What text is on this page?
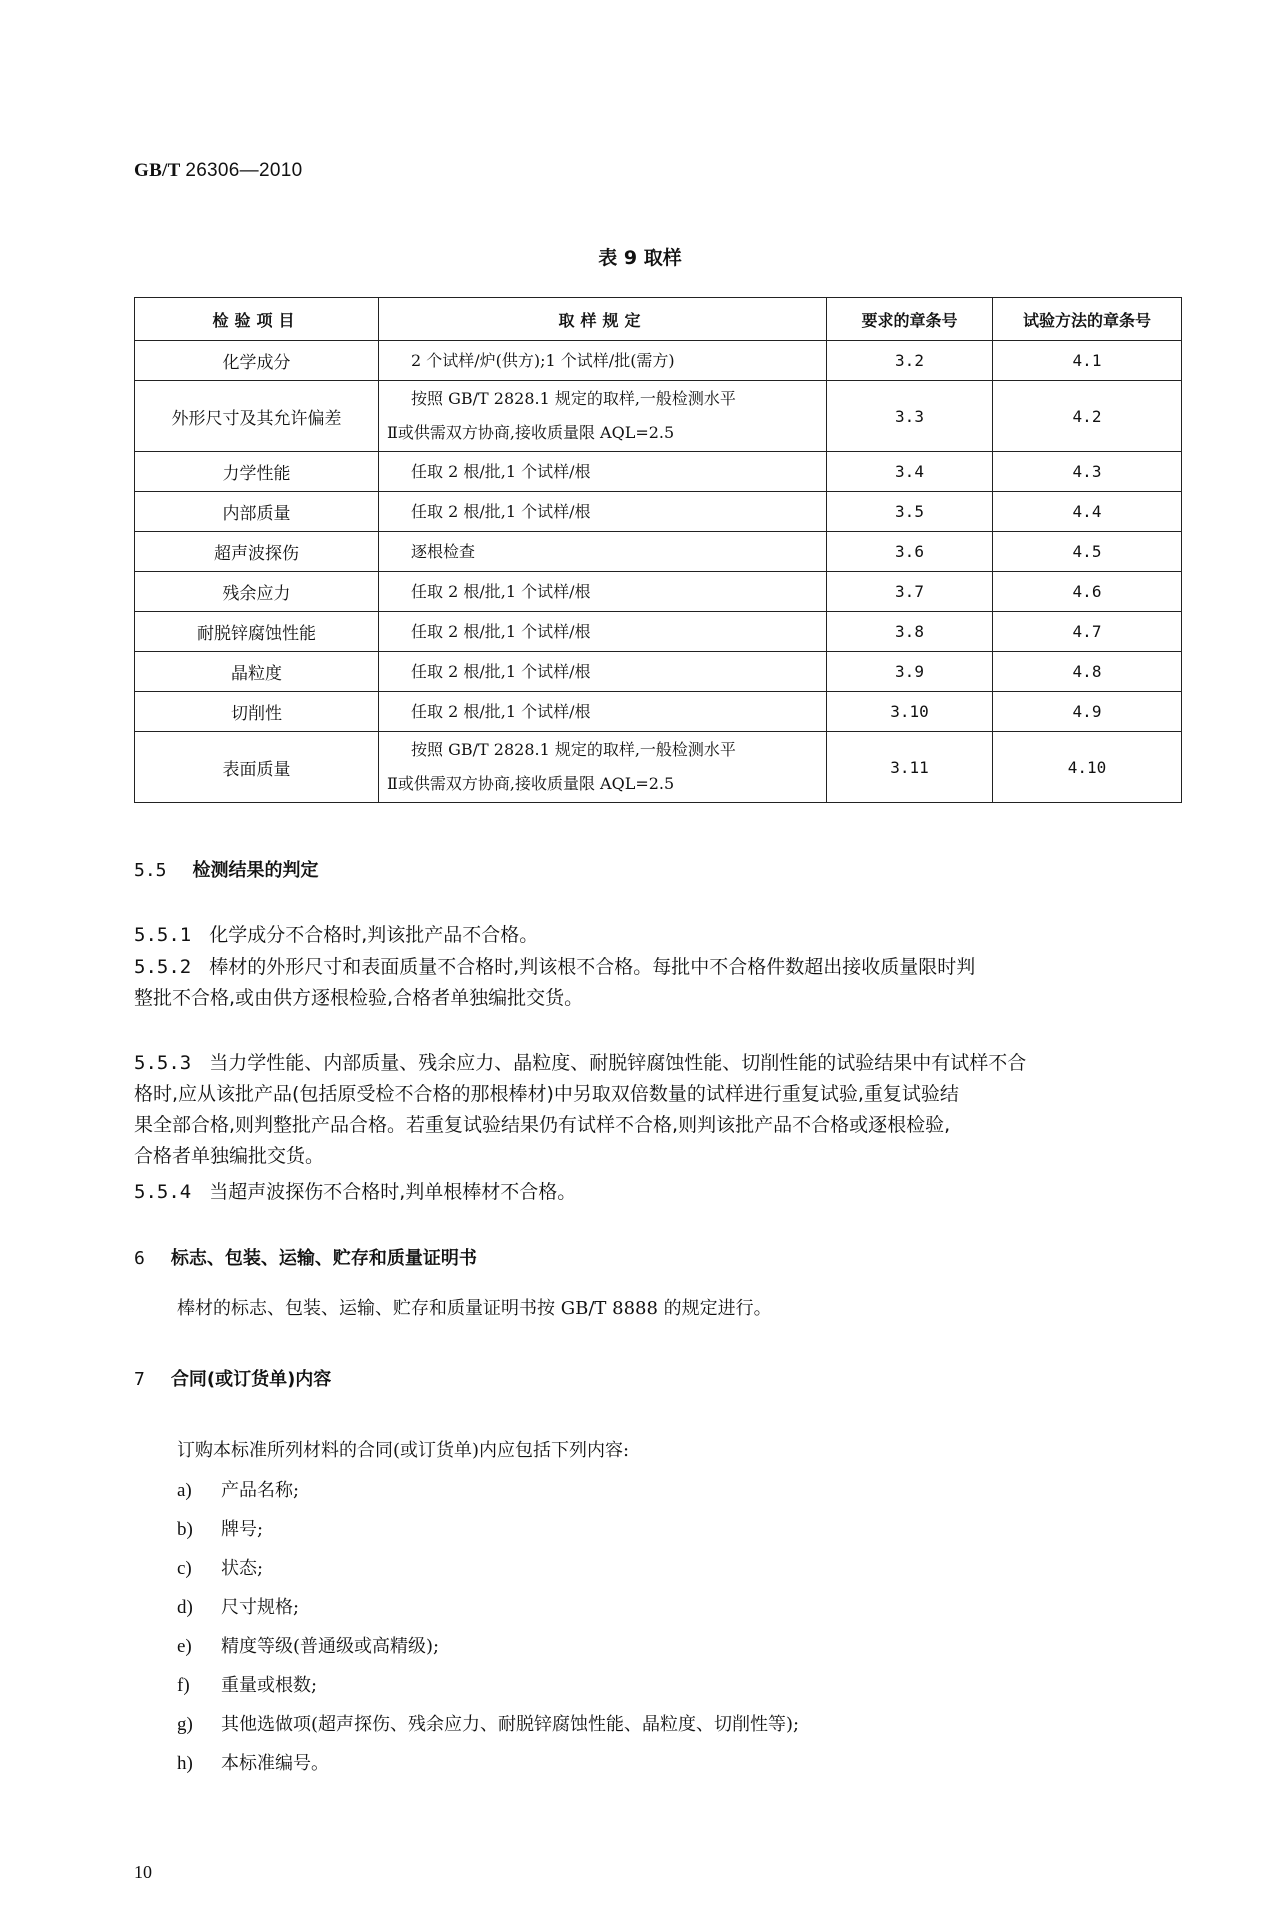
GB/T 26306—2010
表 9 取样
检验项目	取样规定	要求的章条号	试验方法的章条号
化学成分	2 个试样/炉(供方);1 个试样/批(需方)	3.2	4.1
外形尺寸及其允许偏差	按照 GB/T 2828.1 规定的取样,一般检测水平
Ⅱ或供需双方协商,接收质量限 AQL=2.5	3.3	4.2
力学性能	任取 2 根/批,1 个试样/根	3.4	4.3
内部质量	任取 2 根/批,1 个试样/根	3.5	4.4
超声波探伤	逐根检查	3.6	4.5
残余应力	任取 2 根/批,1 个试样/根	3.7	4.6
耐脱锌腐蚀性能	任取 2 根/批,1 个试样/根	3.8	4.7
晶粒度	任取 2 根/批,1 个试样/根	3.9	4.8
切削性	任取 2 根/批,1 个试样/根	3.10	4.9
表面质量	按照 GB/T 2828.1 规定的取样,一般检测水平
Ⅱ或供需双方协商,接收质量限 AQL=2.5	3.11	4.10
5.5 检测结果的判定
5.5.1 化学成分不合格时,判该批产品不合格。
5.5.2 棒材的外形尺寸和表面质量不合格时,判该根不合格。每批中不合格件数超出接收质量限时判
整批不合格,或由供方逐根检验,合格者单独编批交货。
5.5.3 当力学性能、内部质量、残余应力、晶粒度、耐脱锌腐蚀性能、切削性能的试验结果中有试样不合
格时,应从该批产品(包括原受检不合格的那根棒材)中另取双倍数量的试样进行重复试验,重复试验结
果全部合格,则判整批产品合格。若重复试验结果仍有试样不合格,则判该批产品不合格或逐根检验,
合格者单独编批交货。
5.5.4 当超声波探伤不合格时,判单根棒材不合格。
6 标志、包装、运输、贮存和质量证明书
棒材的标志、包装、运输、贮存和质量证明书按 GB/T 8888 的规定进行。
7 合同(或订货单)内容
订购本标准所列材料的合同(或订货单)内应包括下列内容:
a) 产品名称;
b) 牌号;
c) 状态;
d) 尺寸规格;
e) 精度等级(普通级或高精级);
f) 重量或根数;
g) 其他选做项(超声探伤、残余应力、耐脱锌腐蚀性能、晶粒度、切削性等);
h) 本标准编号。
10
